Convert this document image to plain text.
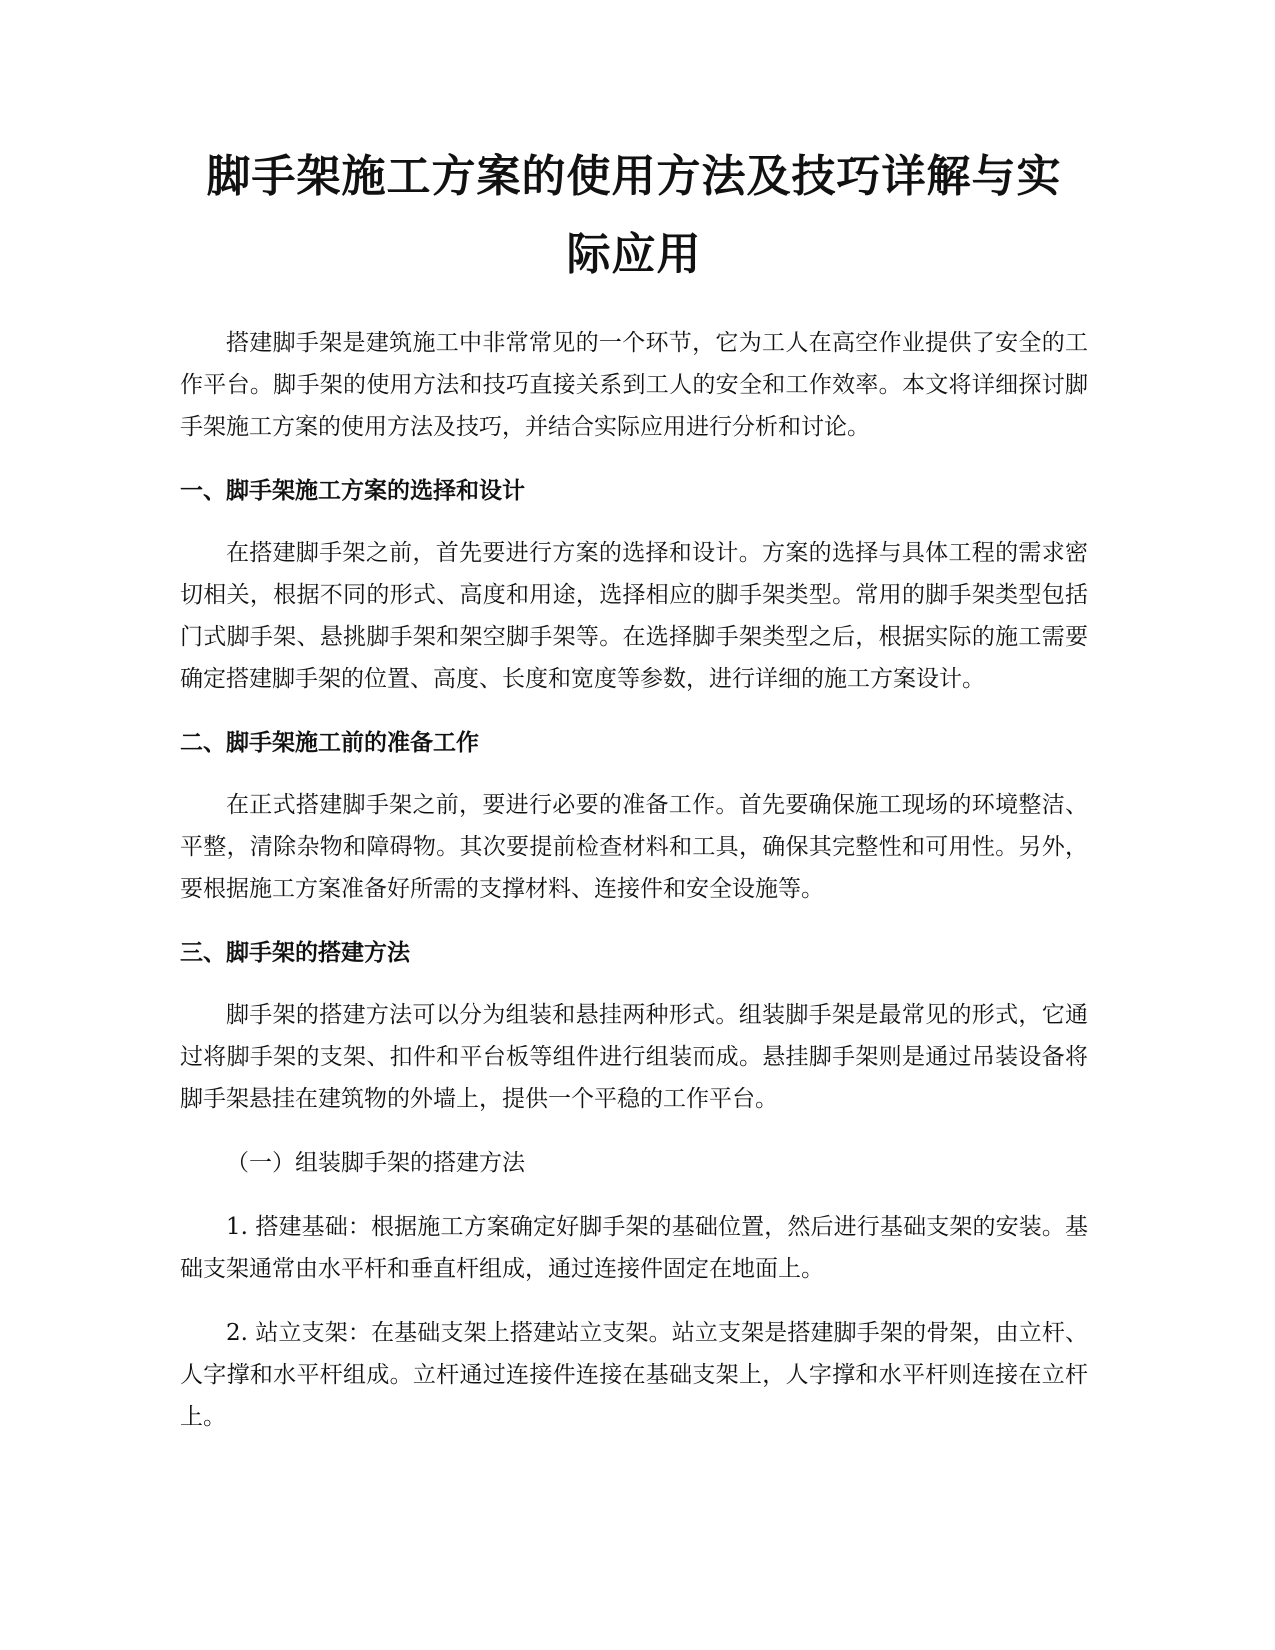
脚手架施工方案的使用方法及技巧详解与实际应用

搭建脚手架是建筑施工中非常常见的一个环节，它为工人在高空作业提供了安全的工作平台。脚手架的使用方法和技巧直接关系到工人的安全和工作效率。本文将详细探讨脚手架施工方案的使用方法及技巧，并结合实际应用进行分析和讨论。

一、脚手架施工方案的选择和设计

在搭建脚手架之前，首先要进行方案的选择和设计。方案的选择与具体工程的需求密切相关，根据不同的形式、高度和用途，选择相应的脚手架类型。常用的脚手架类型包括门式脚手架、悬挑脚手架和架空脚手架等。在选择脚手架类型之后，根据实际的施工需要确定搭建脚手架的位置、高度、长度和宽度等参数，进行详细的施工方案设计。

二、脚手架施工前的准备工作

在正式搭建脚手架之前，要进行必要的准备工作。首先要确保施工现场的环境整洁、平整，清除杂物和障碍物。其次要提前检查材料和工具，确保其完整性和可用性。另外，要根据施工方案准备好所需的支撑材料、连接件和安全设施等。

三、脚手架的搭建方法

脚手架的搭建方法可以分为组装和悬挂两种形式。组装脚手架是最常见的形式，它通过将脚手架的支架、扣件和平台板等组件进行组装而成。悬挂脚手架则是通过吊装设备将脚手架悬挂在建筑物的外墙上，提供一个平稳的工作平台。

（一）组装脚手架的搭建方法

1. 搭建基础：根据施工方案确定好脚手架的基础位置，然后进行基础支架的安装。基础支架通常由水平杆和垂直杆组成，通过连接件固定在地面上。

2. 站立支架：在基础支架上搭建站立支架。站立支架是搭建脚手架的骨架，由立杆、人字撑和水平杆组成。立杆通过连接件连接在基础支架上，人字撑和水平杆则连接在立杆上。
